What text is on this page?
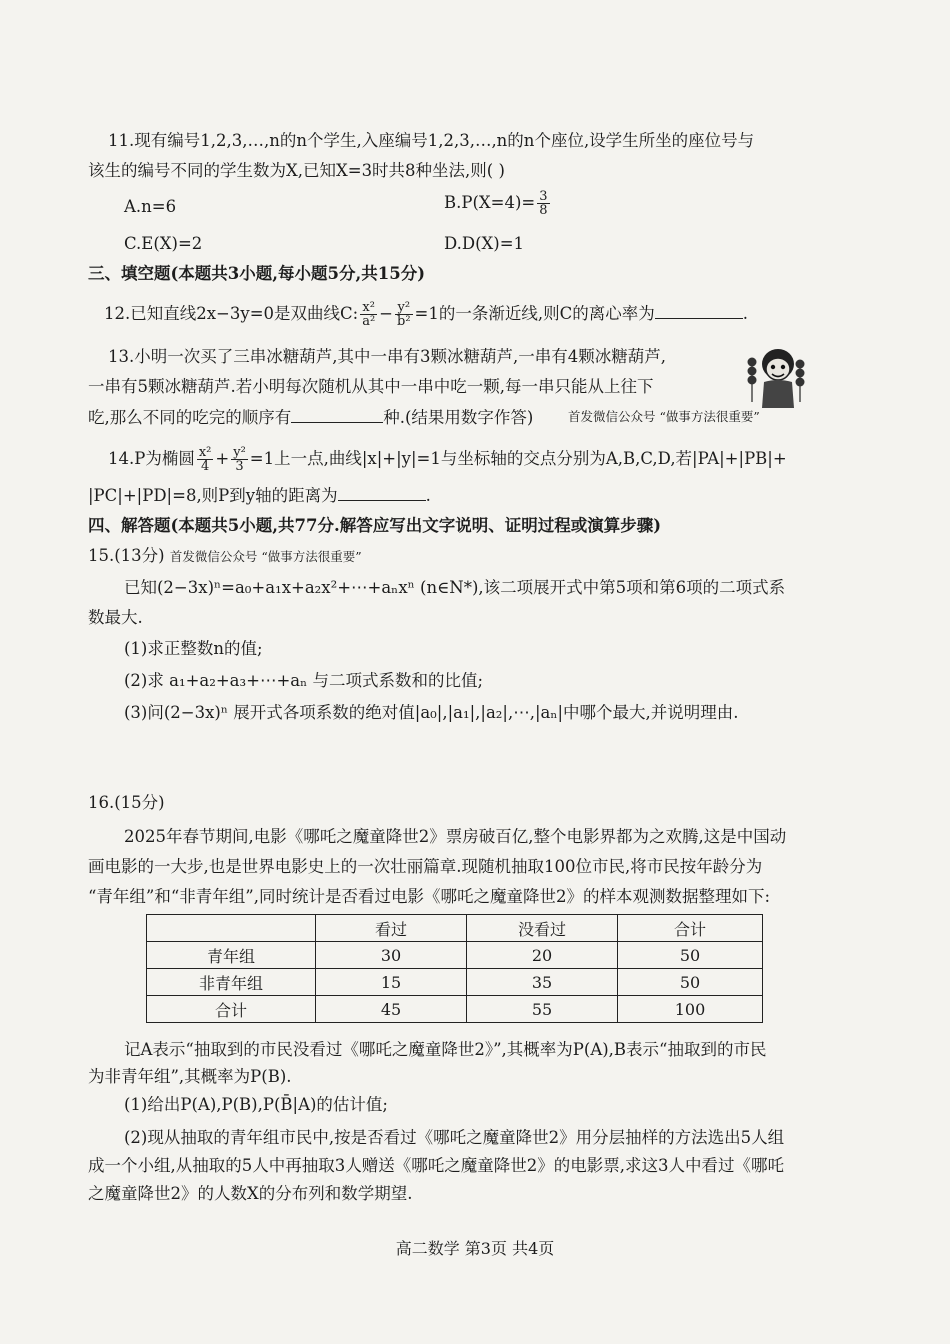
11.现有编号1,2,3,…,n的n个学生,入座编号1,2,3,…,n的n个座位,设学生所坐的座位号与
该生的编号不同的学生数为X,已知X=3时共8种坐法,则( )
A.n=6	$B.P(X=4)= \frac{3}{8}$
C.E(X)=2	D.D(X)=1
三、填空题(本题共3小题,每小题5分,共15分)
12.已知直线2x−3y=0是双曲线C: $\frac{\text{x²}}{\text{a²}} - \frac{\text{y²}}{\text{b²}} =1$的一条渐近线,则C的离心率为	.
13.小明一次买了三串冰糖葫芦,其中一串有3颗冰糖葫芦,一串有4颗冰糖葫芦,
一串有5颗冰糖葫芦.若小明每次随机从其中一串中吃一颗,每一串只能从上往下
吃,那么不同的吃完的顺序有	种.(结果用数字作答)	首发微信公众号 “做事方法很重要”
14.P为椭圆 $\frac{\text{x²}}{4} + \frac{\text{y²}}{3} =1$上一点,曲线|x|+|y|=1与坐标轴的交点分别为A,B,C,D,若|PA|+|PB|+
|PC|+|PD|=8,则P到y轴的距离为	.
四、解答题(本题共5小题,共77分.解答应写出文字说明、证明过程或演算步骤)
15.(13分) 首发微信公众号 “做事方法很重要”
已知(2−3x)ⁿ=a₀+a₁x+a₂x²+⋯+aₙxⁿ (n∈N*),该二项展开式中第5项和第6项的二项式系
数最大.
(1)求正整数n的值;
(2)求 a₁+a₂+a₃+⋯+aₙ 与二项式系数和的比值;
(3)问(2−3x)ⁿ 展开式各项系数的绝对值|a₀|,|a₁|,|a₂|,⋯,|aₙ|中哪个最大,并说明理由.
16.(15分)
2025年春节期间,电影《哪吒之魔童降世2》票房破百亿,整个电影界都为之欢腾,这是中国动
画电影的一大步,也是世界电影史上的一次壮丽篇章.现随机抽取100位市民,将市民按年龄分为
“青年组”和“非青年组”,同时统计是否看过电影《哪吒之魔童降世2》的样本观测数据整理如下:
	看过	没看过	合计
青年组	30	20	50
非青年组	15	35	50
合计	45	55	100
记A表示“抽取到的市民没看过《哪吒之魔童降世2》”,其概率为P(A),B表示“抽取到的市民
为非青年组”,其概率为P(B).
(1)给出P(A),P(B),P(B̄|A)的估计值;
(2)现从抽取的青年组市民中,按是否看过《哪吒之魔童降世2》用分层抽样的方法选出5人组
成一个小组,从抽取的5人中再抽取3人赠送《哪吒之魔童降世2》的电影票,求这3人中看过《哪吒
之魔童降世2》的人数X的分布列和数学期望.
高二数学 第3页 共4页
